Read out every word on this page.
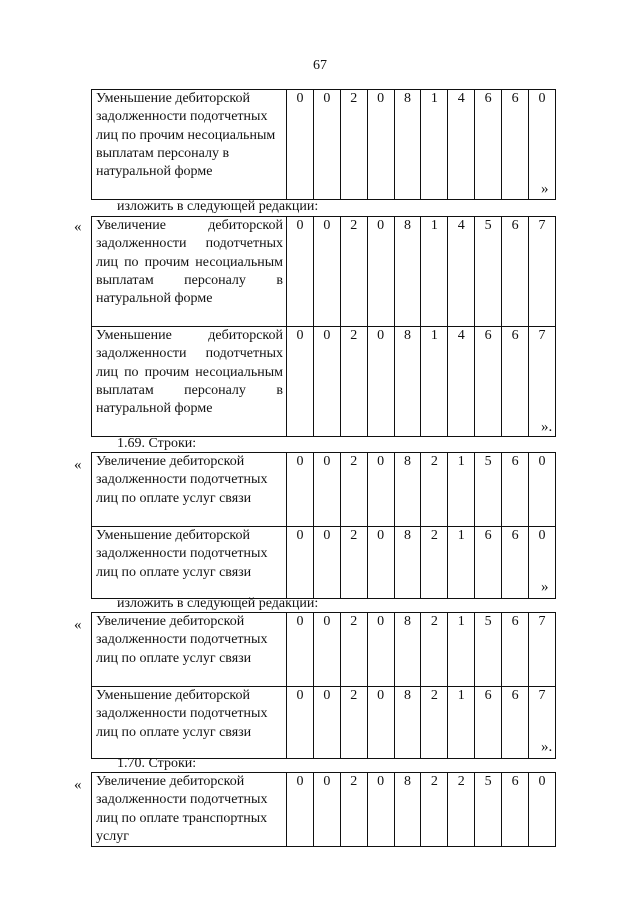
67
Уменьшение дебиторской задолженности подотчетных лиц по прочим несоциальным выплатам персоналу в натуральной форме	0	0	2	0	8	1	4	6	6	0
»
изложить в следующей редакции:
« Увеличение дебиторской задолженности подотчетных лиц по прочим несоциальным выплатам персоналу в натуральной форме	0	0	2	0	8	1	4	5	6	7
Уменьшение дебиторской задолженности подотчетных лиц по прочим несоциальным выплатам персоналу в натуральной форме	0	0	2	0	8	1	4	6	6	7
».
1.69. Строки:
« Увеличение дебиторской задолженности подотчетных лиц по оплате услуг связи	0	0	2	0	8	2	1	5	6	0
Уменьшение дебиторской задолженности подотчетных лиц по оплате услуг связи	0	0	2	0	8	2	1	6	6	0
»
изложить в следующей редакции:
« Увеличение дебиторской задолженности подотчетных лиц по оплате услуг связи	0	0	2	0	8	2	1	5	6	7
Уменьшение дебиторской задолженности подотчетных лиц по оплате услуг связи	0	0	2	0	8	2	1	6	6	7
».
1.70. Строки:
« Увеличение дебиторской задолженности подотчетных лиц по оплате транспортных услуг	0	0	2	0	8	2	2	5	6	0
